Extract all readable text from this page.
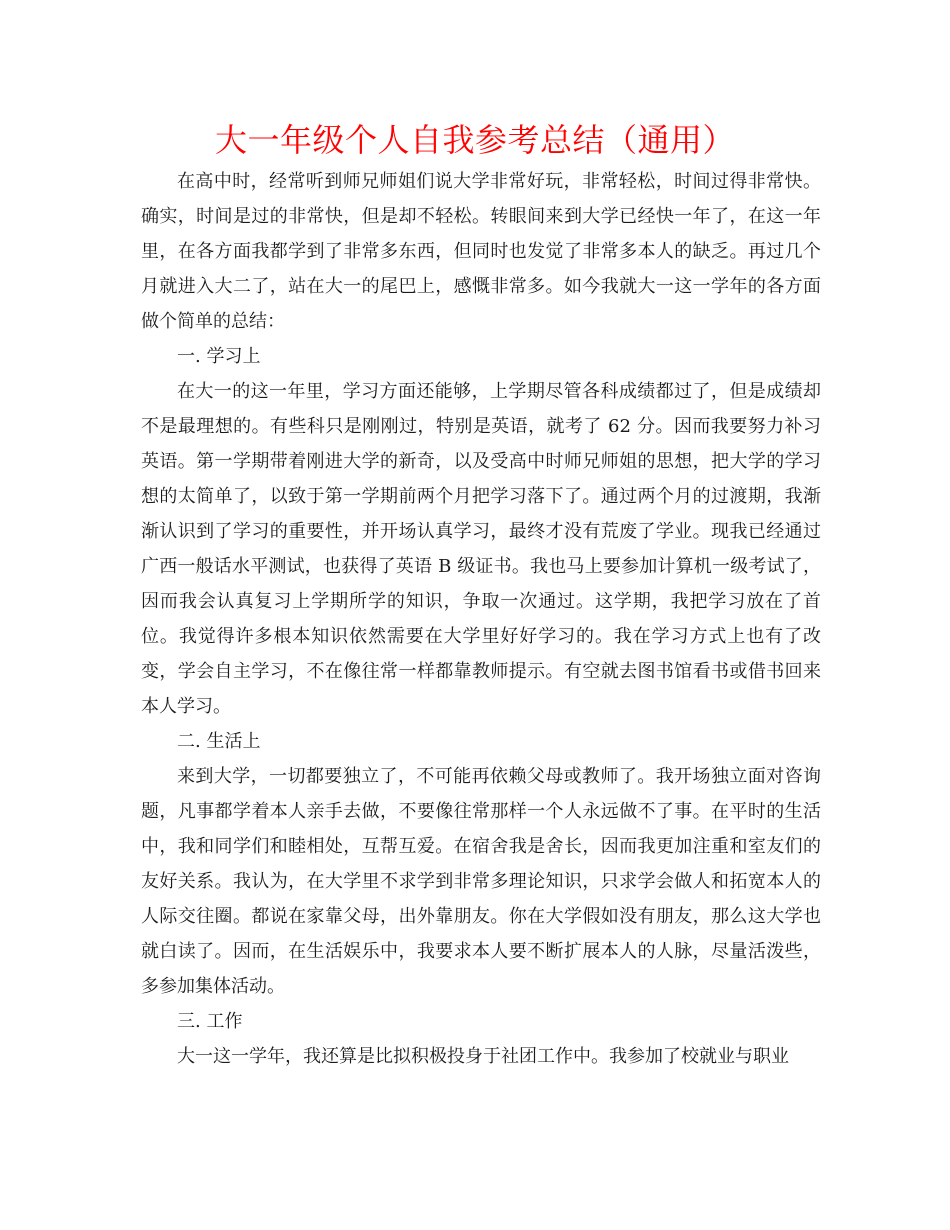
大一年级个人自我参考总结（通用）

在高中时，经常听到师兄师姐们说大学非常好玩，非常轻松，时间过得非常快。确实，时间是过的非常快，但是却不轻松。转眼间来到大学已经快一年了，在这一年里，在各方面我都学到了非常多东西，但同时也发觉了非常多本人的缺乏。再过几个月就进入大二了，站在大一的尾巴上，感慨非常多。如今我就大一这一学年的各方面做个简单的总结：

一. 学习上

在大一的这一年里，学习方面还能够，上学期尽管各科成绩都过了，但是成绩却不是最理想的。有些科只是刚刚过，特别是英语，就考了 62 分。因而我要努力补习英语。第一学期带着刚进大学的新奇，以及受高中时师兄师姐的思想，把大学的学习想的太简单了，以致于第一学期前两个月把学习落下了。通过两个月的过渡期，我渐渐认识到了学习的重要性，并开场认真学习，最终才没有荒废了学业。现我已经通过广西一般话水平测试，也获得了英语 B 级证书。我也马上要参加计算机一级考试了，因而我会认真复习上学期所学的知识，争取一次通过。这学期，我把学习放在了首位。我觉得许多根本知识依然需要在大学里好好学习的。我在学习方式上也有了改变，学会自主学习，不在像往常一样都靠教师提示。有空就去图书馆看书或借书回来本人学习。

二. 生活上

来到大学，一切都要独立了，不可能再依赖父母或教师了。我开场独立面对咨询题，凡事都学着本人亲手去做，不要像往常那样一个人永远做不了事。在平时的生活中，我和同学们和睦相处，互帮互爱。在宿舍我是舍长，因而我更加注重和室友们的友好关系。我认为，在大学里不求学到非常多理论知识，只求学会做人和拓宽本人的人际交往圈。都说在家靠父母，出外靠朋友。你在大学假如没有朋友，那么这大学也就白读了。因而，在生活娱乐中，我要求本人要不断扩展本人的人脉，尽量活泼些，多参加集体活动。

三. 工作

大一这一学年，我还算是比拟积极投身于社团工作中。我参加了校就业与职业
